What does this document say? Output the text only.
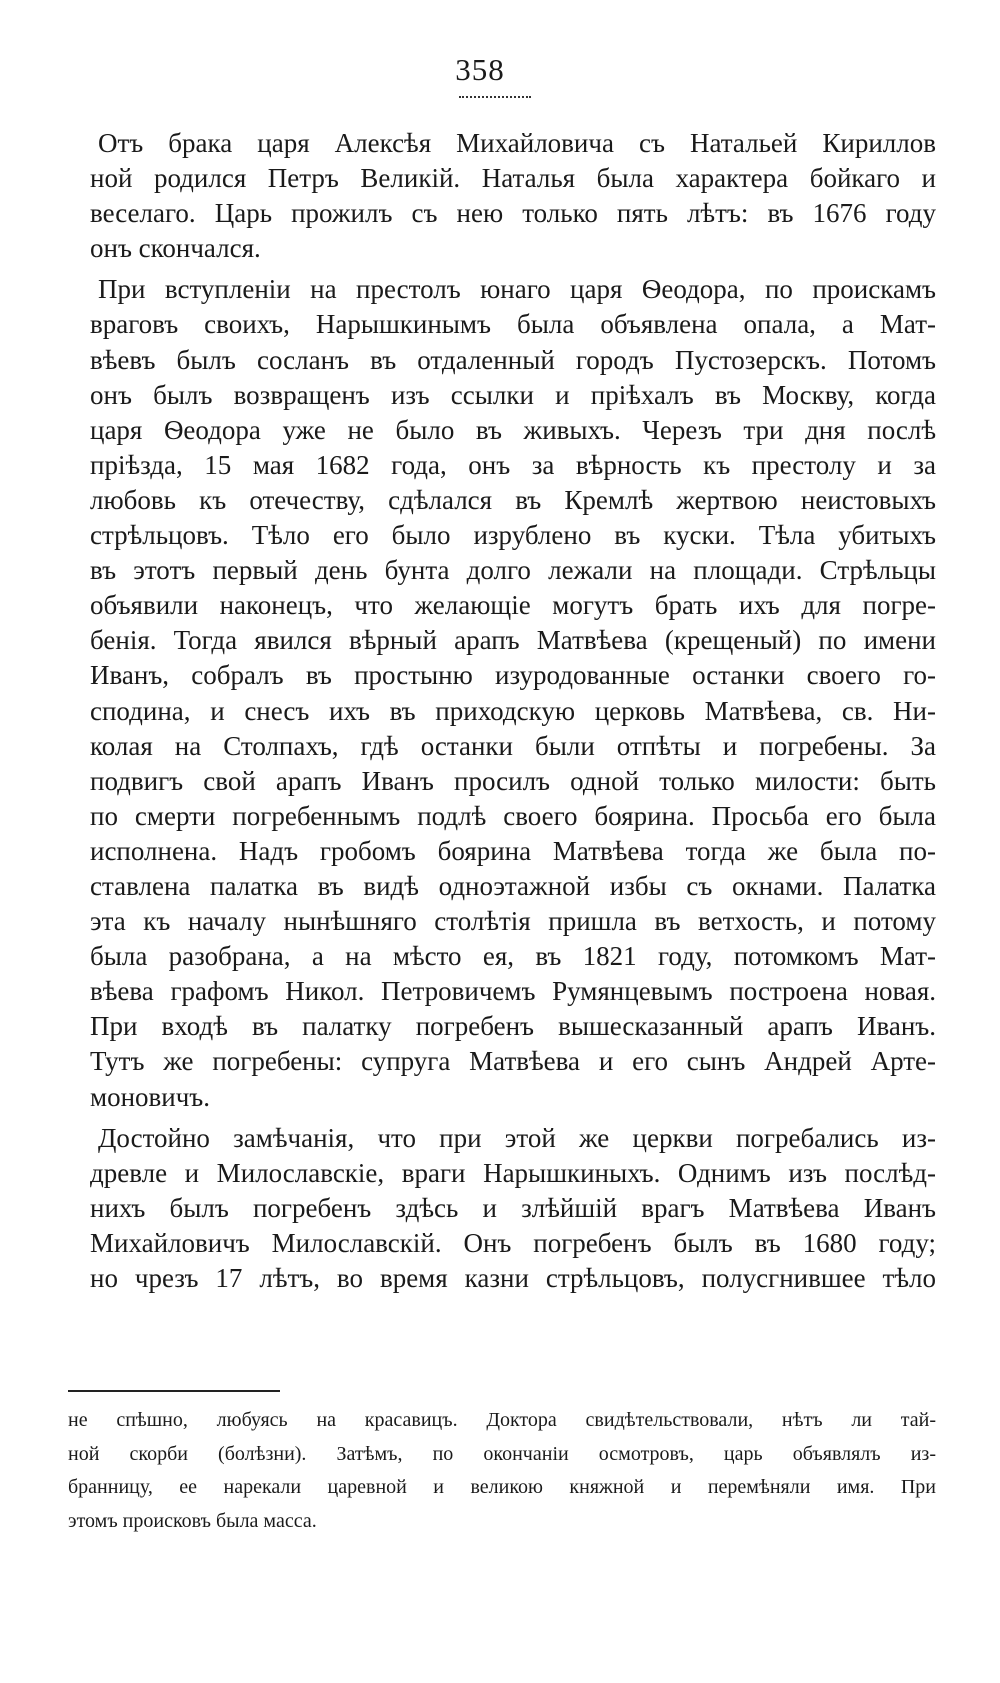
358
Отъ брака царя Алексѣя Михайловича съ Натальей Кириллов
ной родился Петръ Великій. Наталья была характера бойкаго и
веселаго. Царь прожилъ съ нею только пять лѣтъ: въ 1676 году
онъ скончался.
При вступленіи на престолъ юнаго царя Ѳеодора, по проискамъ
враговъ своихъ, Нарышкинымъ была объявлена опала, а Мат-
вѣевъ былъ сосланъ въ отдаленный городъ Пустозерскъ. Потомъ
онъ былъ возвращенъ изъ ссылки и пріѣхалъ въ Москву, когда
царя Ѳеодора уже не было въ живыхъ. Черезъ три дня послѣ
пріѣзда, 15 мая 1682 года, онъ за вѣрность къ престолу и за
любовь къ отечеству, сдѣлался въ Кремлѣ жертвою неистовыхъ
стрѣльцовъ. Тѣло его было изрублено въ куски. Тѣла убитыхъ
въ этотъ первый день бунта долго лежали на площади. Стрѣльцы
объявили наконецъ, что желающіе могутъ брать ихъ для погре-
бенія. Тогда явился вѣрный арапъ Матвѣева (крещеный) по имени
Иванъ, собралъ въ простыню изуродованные останки своего го-
сподина, и снесъ ихъ въ приходскую церковь Матвѣева, св. Ни-
колая на Столпахъ, гдѣ останки были отпѣты и погребены. За
подвигъ свой арапъ Иванъ просилъ одной только милости: быть
по смерти погребеннымъ подлѣ своего боярина. Просьба его была
исполнена. Надъ гробомъ боярина Матвѣева тогда же была по-
ставлена палатка въ видѣ одноэтажной избы съ окнами. Палатка
эта къ началу нынѣшняго столѣтія пришла въ ветхость, и потому
была разобрана, а на мѣсто ея, въ 1821 году, потомкомъ Мат-
вѣева графомъ Никол. Петровичемъ Румянцевымъ построена новая.
При входѣ въ палатку погребенъ вышесказанный арапъ Иванъ.
Тутъ же погребены: супруга Матвѣева и его сынъ Андрей Арте-
моновичъ.
Достойно замѣчанія, что при этой же церкви погребались из-
древле и Милославскіе, враги Нарышкиныхъ. Однимъ изъ послѣд-
нихъ былъ погребенъ здѣсь и злѣйшій врагъ Матвѣева Иванъ
Михайловичъ Милославскій. Онъ погребенъ былъ въ 1680 году;
но чрезъ 17 лѣтъ, во время казни стрѣльцовъ, полусгнившее тѣло
не спѣшно, любуясь на красавицъ. Доктора свидѣтельствовали, нѣтъ ли тай-
ной скорби (болѣзни). Затѣмъ, по окончаніи осмотровъ, царь объявлялъ из-
бранницу, ее нарекали царевной и великою княжной и перемѣняли имя. При
этомъ происковъ была масса.
